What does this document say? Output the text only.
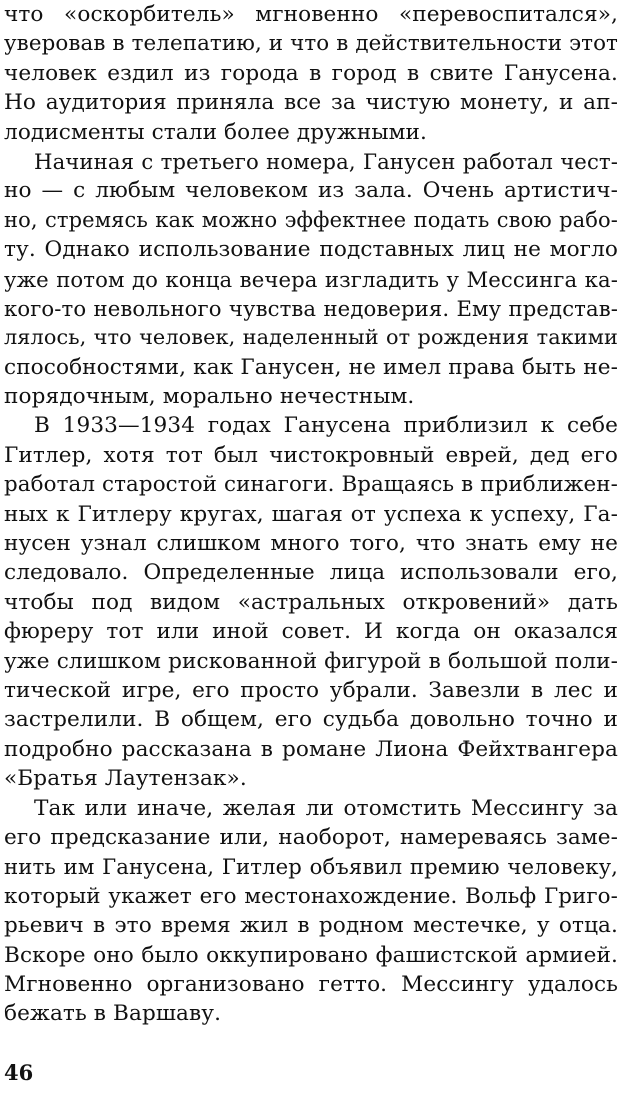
что «оскорбитель» мгновенно «перевоспитался»,
уверовав в телепатию, и что в действительности этот
человек ездил из города в город в свите Ганусена.
Но аудитория приняла все за чистую монету, и ап-
лодисменты стали более дружными.
Начиная с третьего номера, Ганусен работал чест-
но — с любым человеком из зала. Очень артистич-
но, стремясь как можно эффектнее подать свою рабо-
ту. Однако использование подставных лиц не могло
уже потом до конца вечера изгладить у Мессинга ка-
кого-то невольного чувства недоверия. Ему представ-
лялось, что человек, наделенный от рождения такими
способностями, как Ганусен, не имел права быть не-
порядочным, морально нечестным.
В 1933—1934 годах Ганусена приблизил к себе
Гитлер, хотя тот был чистокровный еврей, дед его
работал старостой синагоги. Вращаясь в приближен-
ных к Гитлеру кругах, шагая от успеха к успеху, Га-
нусен узнал слишком много того, что знать ему не
следовало. Определенные лица использовали его,
чтобы под видом «астральных откровений» дать
фюреру тот или иной совет. И когда он оказался
уже слишком рискованной фигурой в большой поли-
тической игре, его просто убрали. Завезли в лес и
застрелили. В общем, его судьба довольно точно и
подробно рассказана в романе Лиона Фейхтвангера
«Братья Лаутензак».
Так или иначе, желая ли отомстить Мессингу за
его предсказание или, наоборот, намереваясь заме-
нить им Ганусена, Гитлер объявил премию человеку,
который укажет его местонахождение. Вольф Григо-
рьевич в это время жил в родном местечке, у отца.
Вскоре оно было оккупировано фашистской армией.
Мгновенно организовано гетто. Мессингу удалось
бежать в Варшаву.
46
